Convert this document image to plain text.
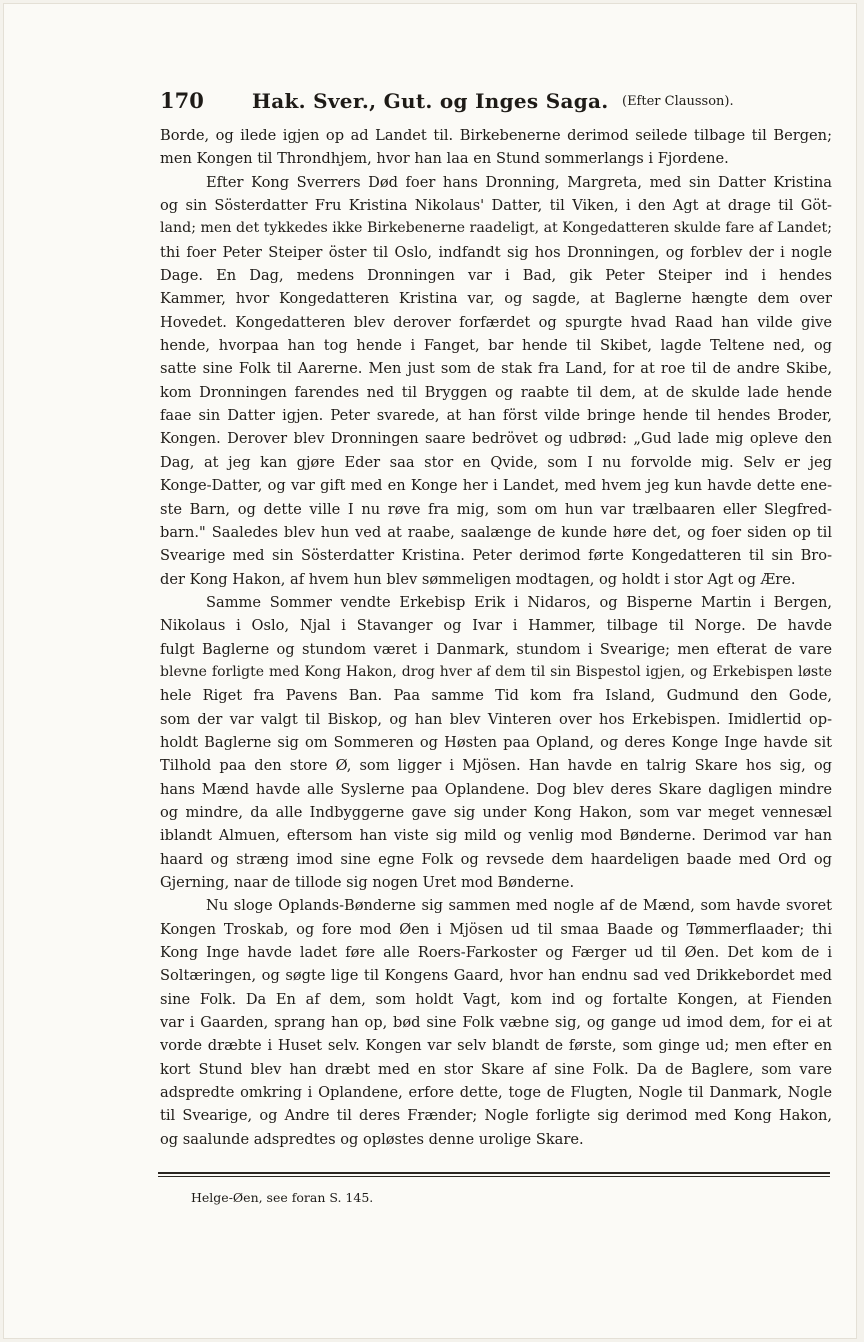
170 Hak. Sver., Gut. og Inges Saga. (Efter Clausson).
Borde, og ilede igjen op ad Landet til. Birkebenerne derimod seilede tilbage til Bergen;
men Kongen til Throndhjem, hvor han laa en Stund sommerlangs i Fjordene.
Efter Kong Sverrers Død foer hans Dronning, Margreta, med sin Datter Kristina
og sin Sösterdatter Fru Kristina Nikolaus' Datter, til Viken, i den Agt at drage til Göt-
land; men det tykkedes ikke Birkebenerne raadeligt, at Kongedatteren skulde fare af Landet;
thi foer Peter Steiper öster til Oslo, indfandt sig hos Dronningen, og forblev der i nogle
Dage. En Dag, medens Dronningen var i Bad, gik Peter Steiper ind i hendes
Kammer, hvor Kongedatteren Kristina var, og sagde, at Baglerne hængte dem over
Hovedet. Kongedatteren blev derover forfærdet og spurgte hvad Raad han vilde give
hende, hvorpaa han tog hende i Fanget, bar hende til Skibet, lagde Teltene ned, og
satte sine Folk til Aarerne. Men just som de stak fra Land, for at roe til de andre Skibe,
kom Dronningen farendes ned til Bryggen og raabte til dem, at de skulde lade hende
faae sin Datter igjen. Peter svarede, at han först vilde bringe hende til hendes Broder,
Kongen. Derover blev Dronningen saare bedrövet og udbrød: „Gud lade mig opleve den
Dag, at jeg kan gjøre Eder saa stor en Qvide, som I nu forvolde mig. Selv er jeg
Konge-Datter, og var gift med en Konge her i Landet, med hvem jeg kun havde dette ene-
ste Barn, og dette ville I nu røve fra mig, som om hun var trælbaaren eller Slegfred-
barn." Saaledes blev hun ved at raabe, saalænge de kunde høre det, og foer siden op til
Svearige med sin Sösterdatter Kristina. Peter derimod førte Kongedatteren til sin Bro-
der Kong Hakon, af hvem hun blev sømmeligen modtagen, og holdt i stor Agt og Ære.
Samme Sommer vendte Erkebisp Erik i Nidaros, og Bisperne Martin i Bergen,
Nikolaus i Oslo, Njal i Stavanger og Ivar i Hammer, tilbage til Norge. De havde
fulgt Baglerne og stundom været i Danmark, stundom i Svearige; men efterat de vare
blevne forligte med Kong Hakon, drog hver af dem til sin Bispestol igjen, og Erkebispen løste
hele Riget fra Pavens Ban. Paa samme Tid kom fra Island, Gudmund den Gode,
som der var valgt til Biskop, og han blev Vinteren over hos Erkebispen. Imidlertid op-
holdt Baglerne sig om Sommeren og Høsten paa Opland, og deres Konge Inge havde sit
Tilhold paa den store Ø, som ligger i Mjösen. Han havde en talrig Skare hos sig, og
hans Mænd havde alle Syslerne paa Oplandene. Dog blev deres Skare dagligen mindre
og mindre, da alle Indbyggerne gave sig under Kong Hakon, som var meget vennesæl
iblandt Almuen, eftersom han viste sig mild og venlig mod Bønderne. Derimod var han
haard og stræng imod sine egne Folk og revsede dem haardeligen baade med Ord og
Gjerning, naar de tillode sig nogen Uret mod Bønderne.
Nu sloge Oplands-Bønderne sig sammen med nogle af de Mænd, som havde svoret
Kongen Troskab, og fore mod Øen i Mjösen ud til smaa Baade og Tømmerflaader; thi
Kong Inge havde ladet føre alle Roers-Farkoster og Færger ud til Øen. Det kom de i
Soltæringen, og søgte lige til Kongens Gaard, hvor han endnu sad ved Drikkebordet med
sine Folk. Da En af dem, som holdt Vagt, kom ind og fortalte Kongen, at Fienden
var i Gaarden, sprang han op, bød sine Folk væbne sig, og gange ud imod dem, for ei at
vorde dræbte i Huset selv. Kongen var selv blandt de første, som ginge ud; men efter en
kort Stund blev han dræbt med en stor Skare af sine Folk. Da de Baglere, som vare
adspredte omkring i Oplandene, erfore dette, toge de Flugten, Nogle til Danmark, Nogle
til Svearige, og Andre til deres Frænder; Nogle forligte sig derimod med Kong Hakon,
og saalunde adspredtes og opløstes denne urolige Skare.
Helge-Øen, see foran S. 145.
